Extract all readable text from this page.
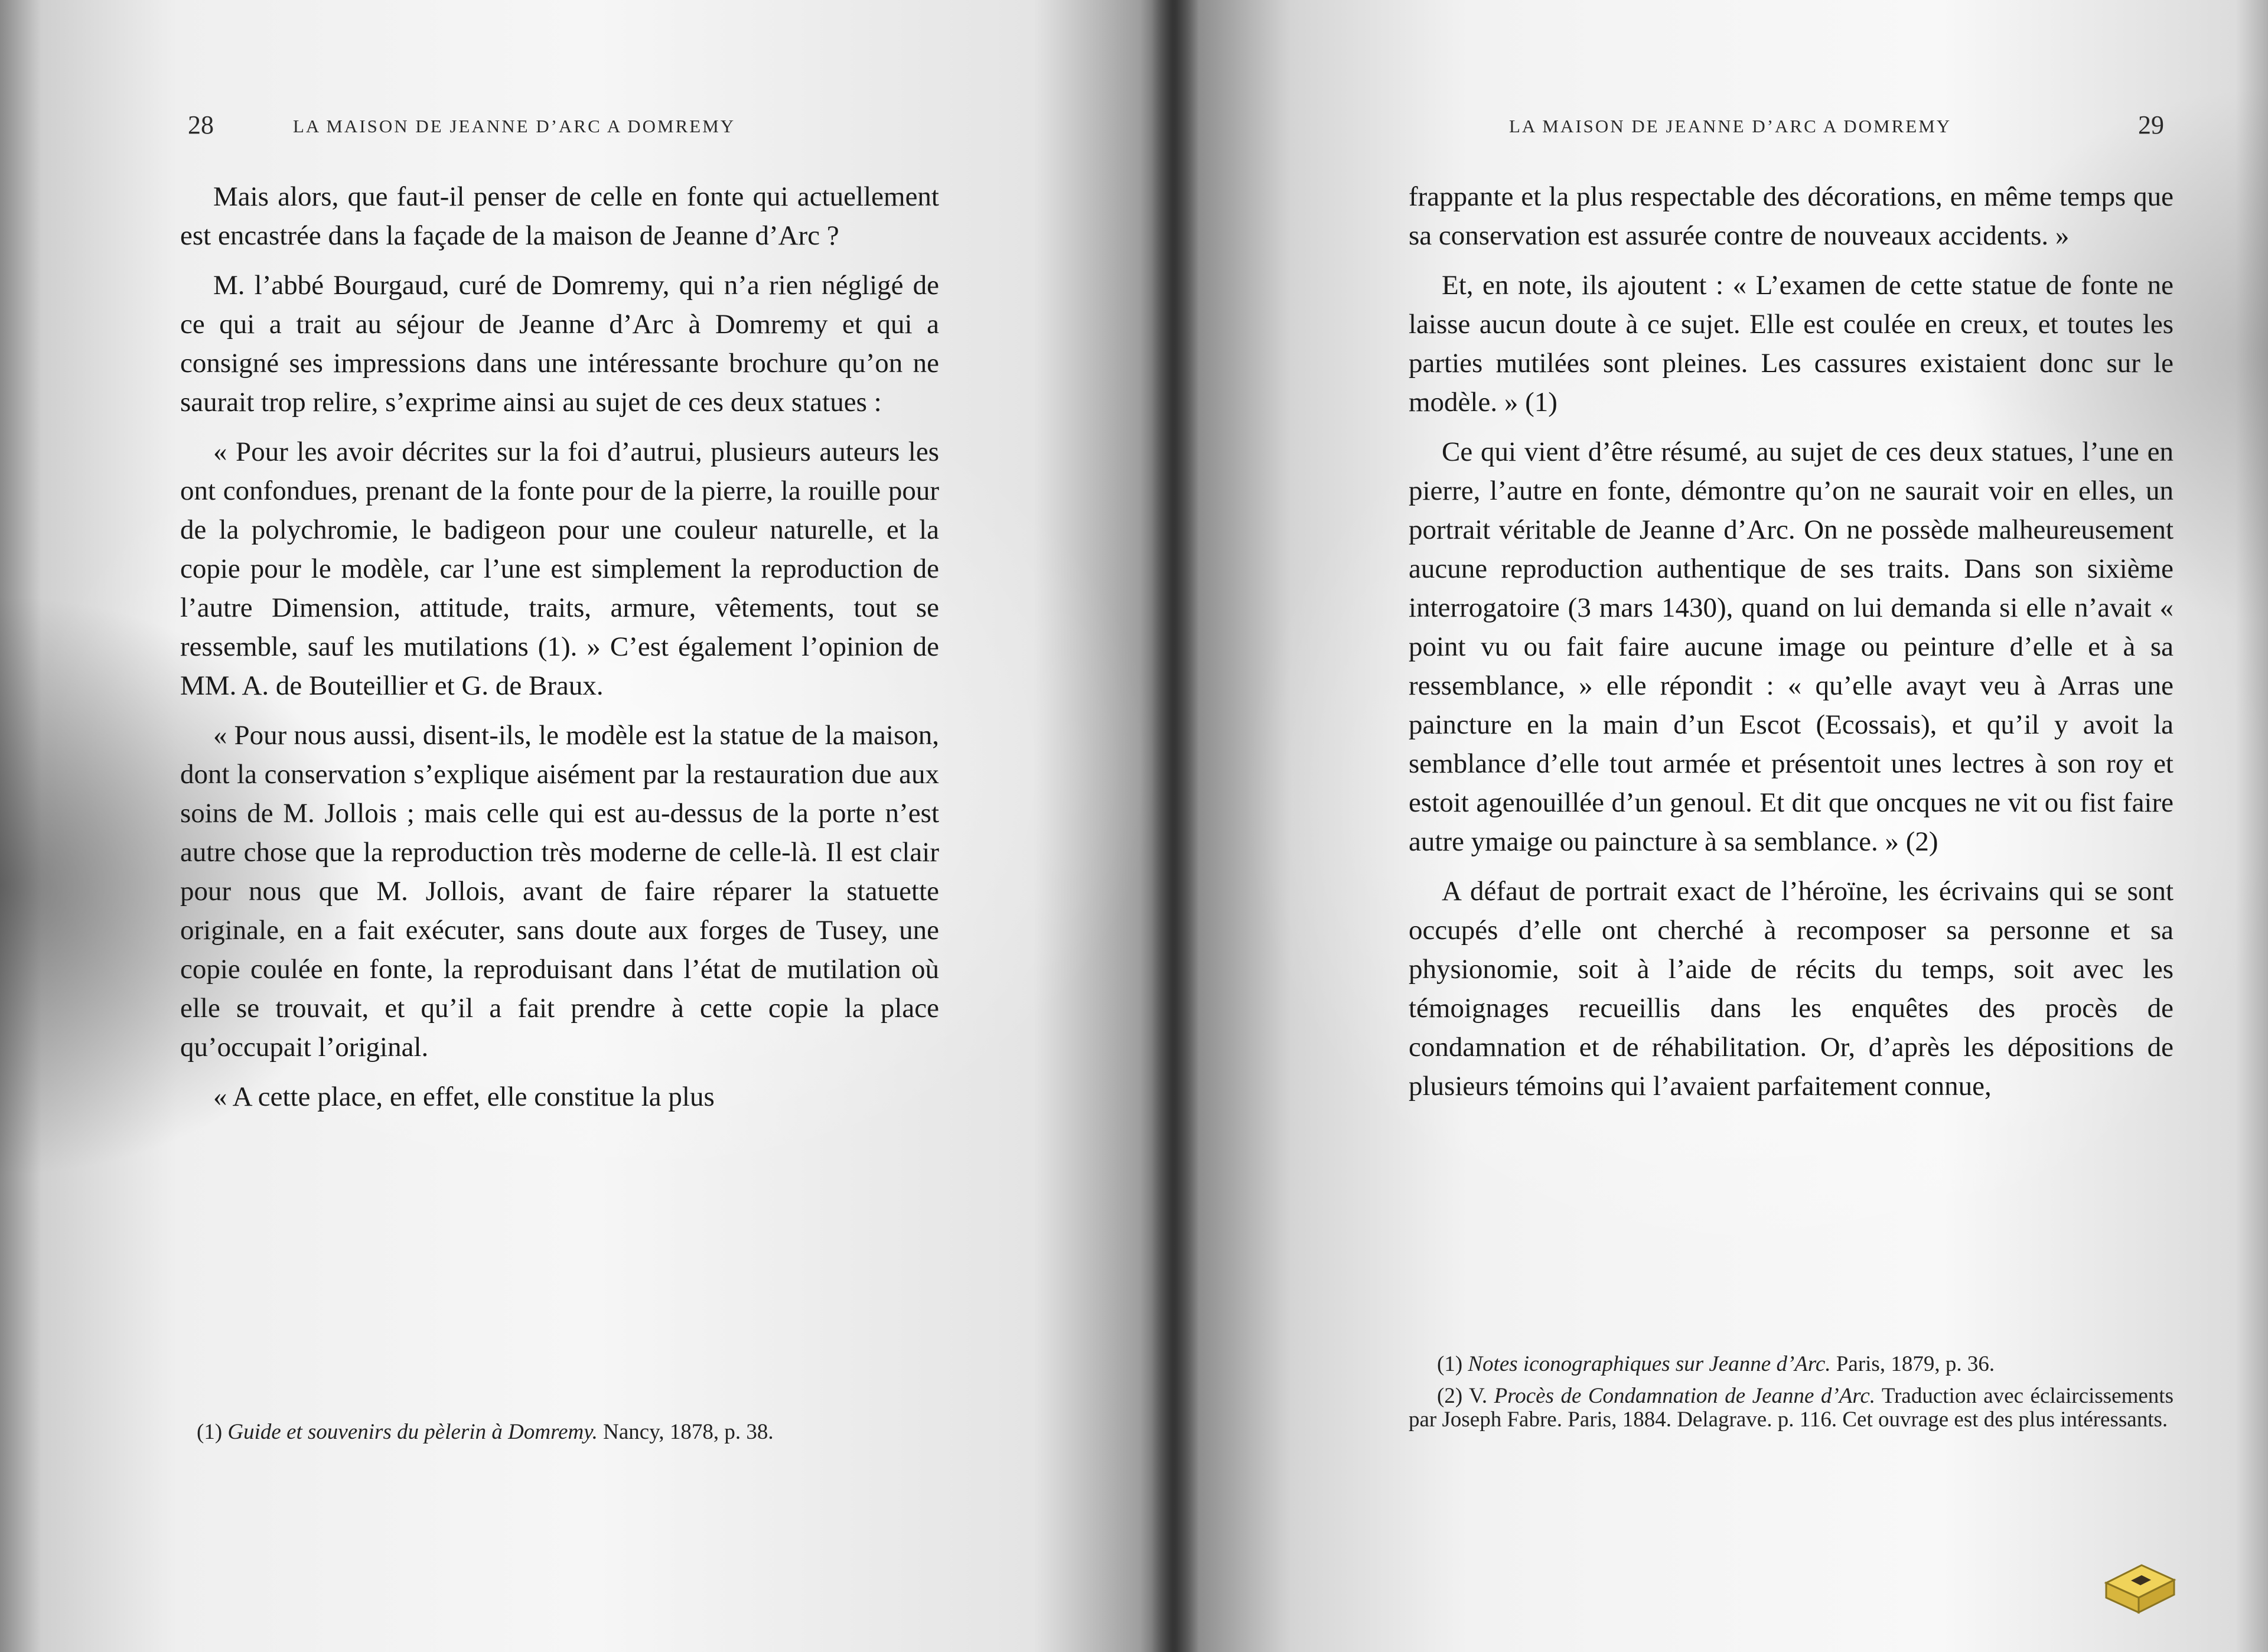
28	LA MAISON DE JEANNE D’ARC A DOMREMY

Mais alors, que faut-il penser de celle en fonte qui actuellement est encastrée dans la façade de la maison de Jeanne d’Arc ?

M. l’abbé Bourgaud, curé de Domremy, qui n’a rien négligé de ce qui a trait au séjour de Jeanne d’Arc à Domremy et qui a consigné ses impressions dans une intéressante brochure qu’on ne saurait trop relire, s’exprime ainsi au sujet de ces deux statues :

« Pour les avoir décrites sur la foi d’autrui, plusieurs auteurs les ont confondues, prenant de la fonte pour de la pierre, la rouille pour de la polychromie, le badigeon pour une couleur naturelle, et la copie pour le modèle, car l’une est simplement la reproduction de l’autre Dimension, attitude, traits, armure, vêtements, tout se ressemble, sauf les mutilations (1). » C’est également l’opinion de MM. A. de Bouteillier et G. de Braux.

« Pour nous aussi, disent-ils, le modèle est la statue de la maison, dont la conservation s’explique aisément par la restauration due aux soins de M. Jollois ; mais celle qui est au-dessus de la porte n’est autre chose que la reproduction très moderne de celle-là. Il est clair pour nous que M. Jollois, avant de faire réparer la statuette originale, en a fait exécuter, sans doute aux forges de Tusey, une copie coulée en fonte, la reproduisant dans l’état de mutilation où elle se trouvait, et qu’il a fait prendre à cette copie la place qu’occupait l’original.

« A cette place, en effet, elle constitue la plus

(1) Guide et souvenirs du pèlerin à Domremy. Nancy, 1878, p. 38.

LA MAISON DE JEANNE D’ARC A DOMREMY	29

frappante et la plus respectable des décorations, en même temps que sa conservation est assurée contre de nouveaux accidents. »

Et, en note, ils ajoutent : « L’examen de cette statue de fonte ne laisse aucun doute à ce sujet. Elle est coulée en creux, et toutes les parties mutilées sont pleines. Les cassures existaient donc sur le modèle. » (1)

Ce qui vient d’être résumé, au sujet de ces deux statues, l’une en pierre, l’autre en fonte, démontre qu’on ne saurait voir en elles, un portrait véritable de Jeanne d’Arc. On ne possède malheureusement aucune reproduction authentique de ses traits. Dans son sixième interrogatoire (3 mars 1430), quand on lui demanda si elle n’avait « point vu ou fait faire aucune image ou peinture d’elle et à sa ressemblance, » elle répondit : « qu’elle avayt veu à Arras une paincture en la main d’un Escot (Ecossais), et qu’il y avoit la semblance d’elle tout armée et présentoit unes lectres à son roy et estoit agenouillée d’un genoul. Et dit que oncques ne vit ou fist faire autre ymaige ou paincture à sa semblance. » (2)

A défaut de portrait exact de l’héroïne, les écrivains qui se sont occupés d’elle ont cherché à recomposer sa personne et sa physionomie, soit à l’aide de récits du temps, soit avec les témoignages recueillis dans les enquêtes des procès de condamnation et de réhabilitation. Or, d’après les dépositions de plusieurs témoins qui l’avaient parfaitement connue,

(1) Notes iconographiques sur Jeanne d’Arc. Paris, 1879, p. 36.

(2) V. Procès de Condamnation de Jeanne d’Arc. Traduction avec éclaircissements par Joseph Fabre. Paris, 1884. Delagrave. p. 116. Cet ouvrage est des plus intéressants.
